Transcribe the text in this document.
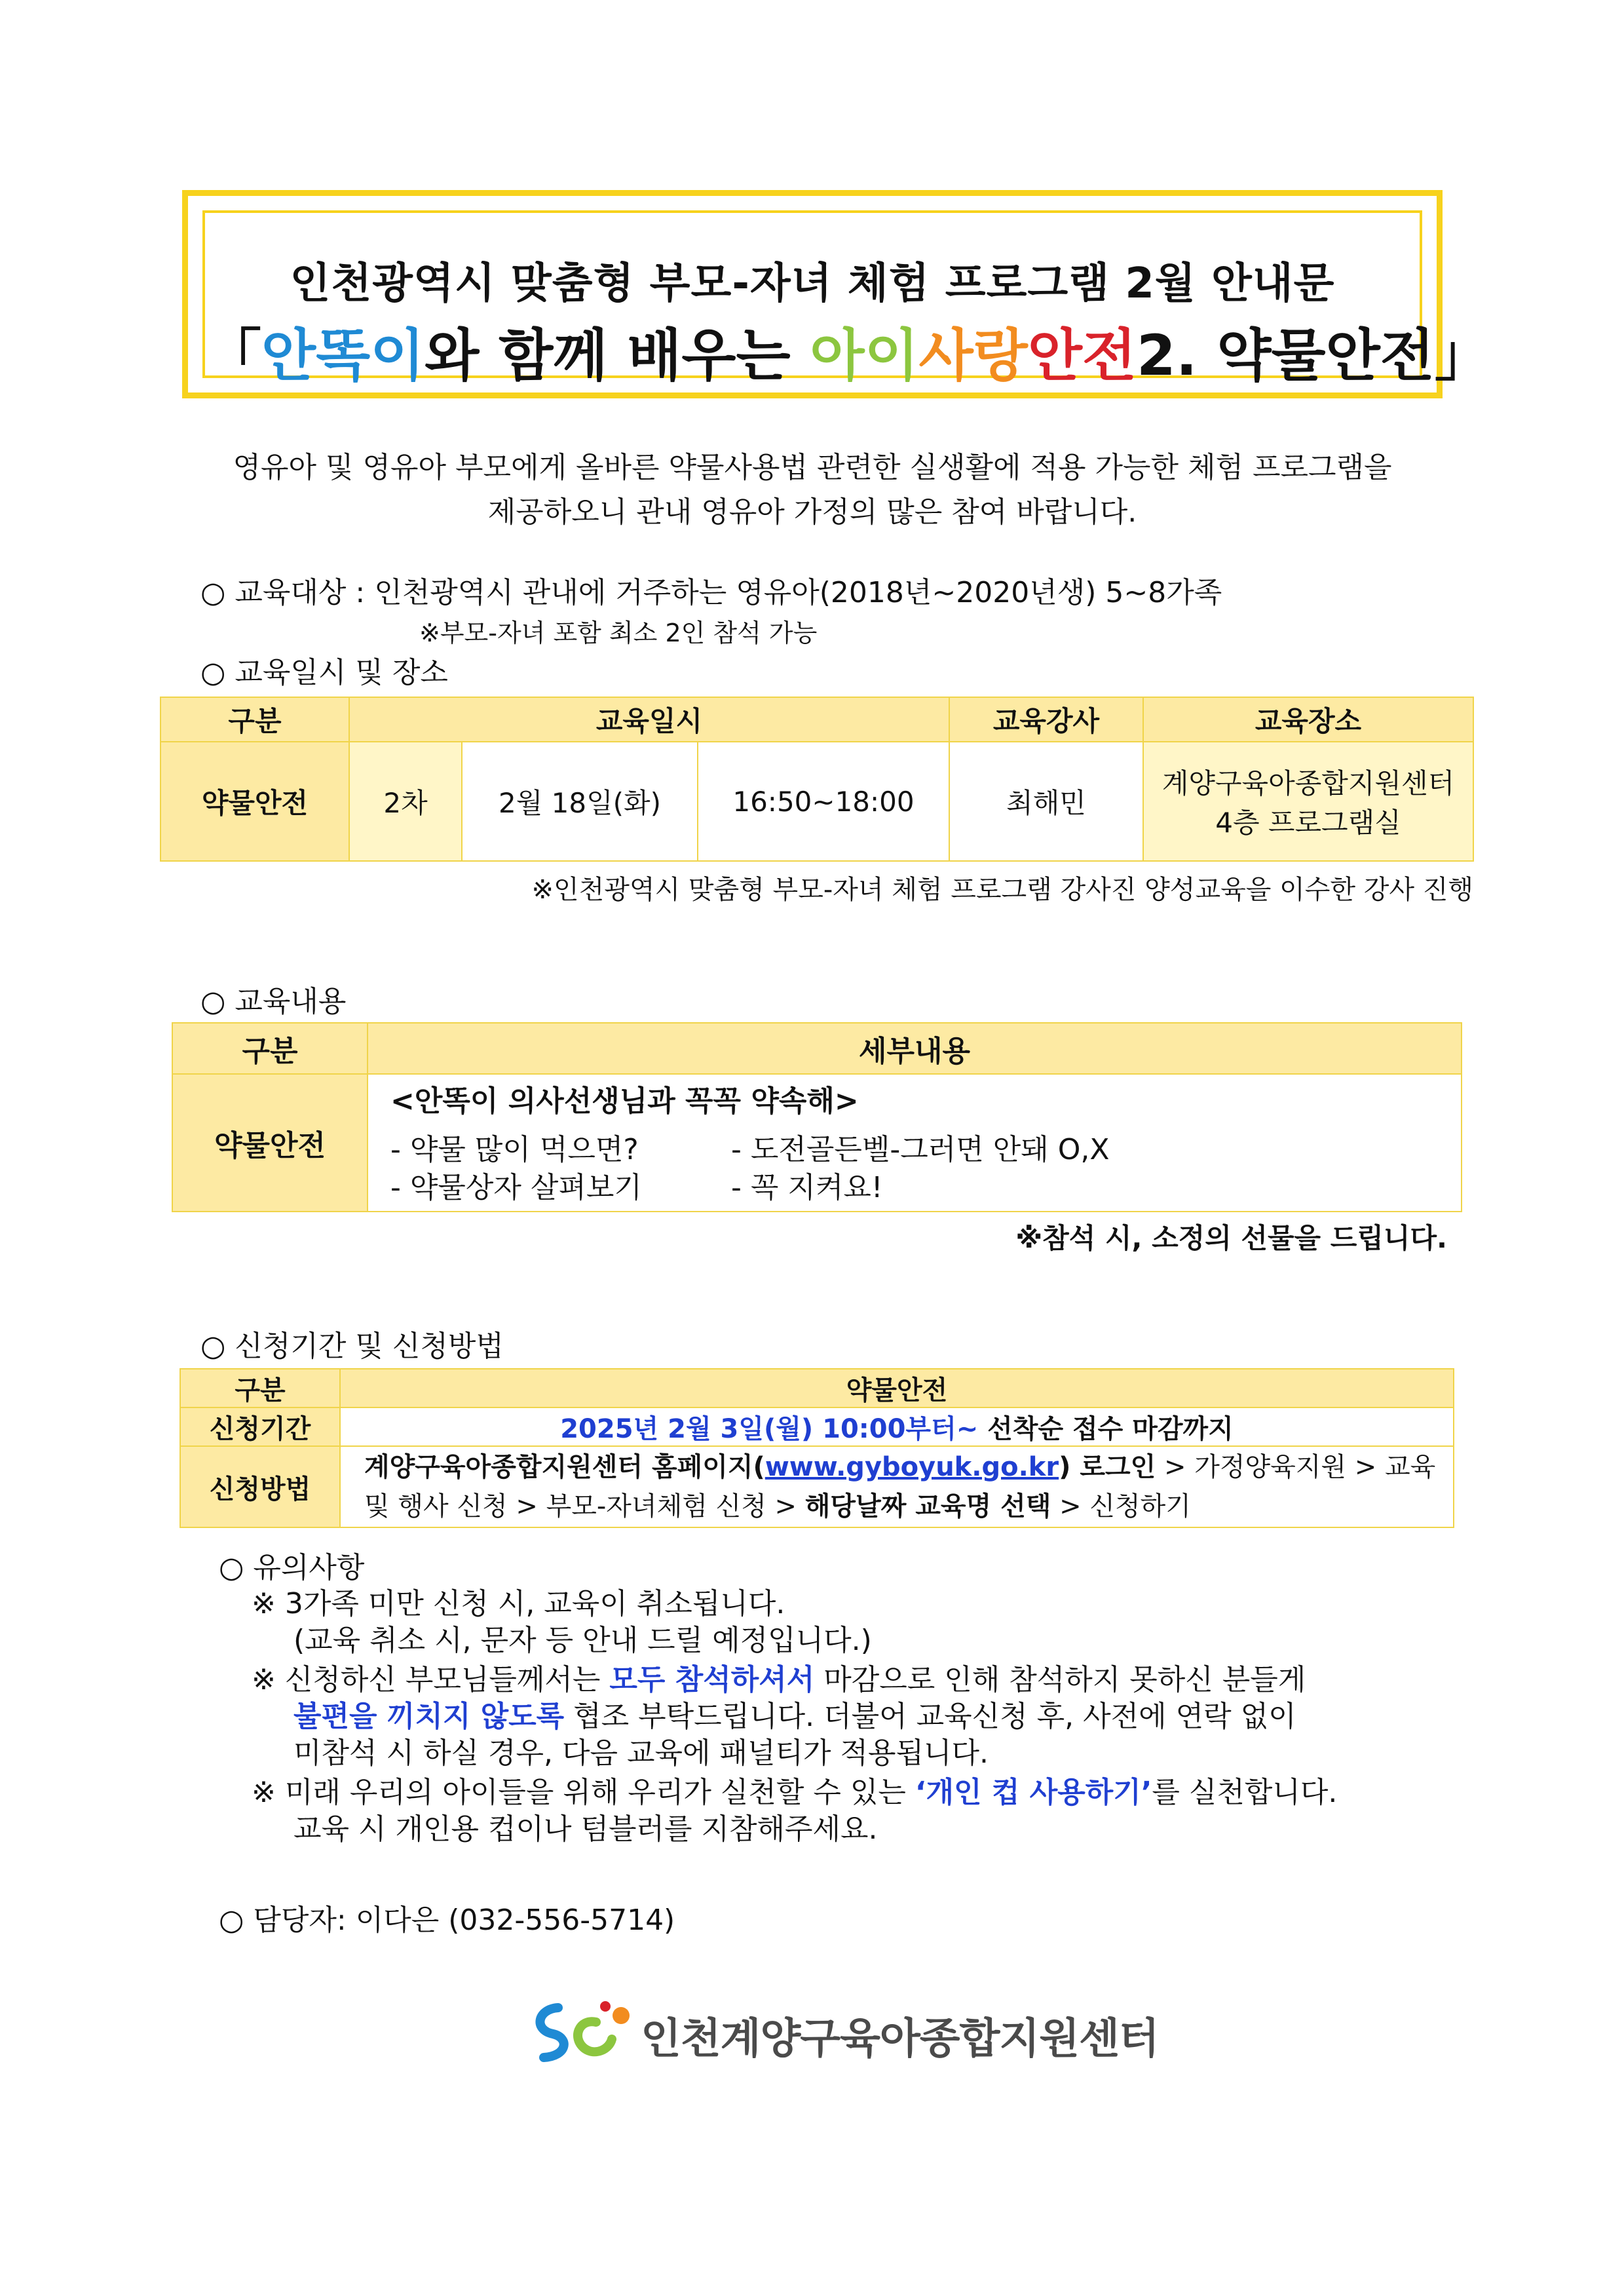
인천광역시 맞춤형 부모-자녀 체험 프로그램 2월 안내문
「안똑이와 함께 배우는 아이사랑안전2. 약물안전」
영유아 및 영유아 부모에게 올바른 약물사용법 관련한 실생활에 적용 가능한 체험 프로그램을
제공하오니 관내 영유아 가정의 많은 참여 바랍니다.
○ 교육대상 : 인천광역시 관내에 거주하는 영유아(2018년~2020년생) 5~8가족
※부모-자녀 포함 최소 2인 참석 가능
○ 교육일시 및 장소
구분	교육일시			교육강사	교육장소
약물안전	2차	2월 18일(화)	16:50~18:00	최해민	계양구육아종합지원센터
4층 프로그램실
※인천광역시 맞춤형 부모-자녀 체험 프로그램 강사진 양성교육을 이수한 강사 진행
○ 교육내용
구분	세부내용
약물안전	<안똑이 의사선생님과 꼭꼭 약속해>
- 약물 많이 먹으면? - 도전골든벨-그러면 안돼 O,X
- 약물상자 살펴보기 - 꼭 지켜요!
※참석 시, 소정의 선물을 드립니다.
○ 신청기간 및 신청방법
구분	약물안전
신청기간	2025년 2월 3일(월) 10:00부터~ 선착순 접수 마감까지
신청방법	계양구육아종합지원센터 홈페이지(www.gyboyuk.go.kr) 로그인 > 가정양육지원 > 교육
및 행사 신청 > 부모-자녀체험 신청 > 해당날짜 교육명 선택 > 신청하기
○ 유의사항
※ 3가족 미만 신청 시, 교육이 취소됩니다.
(교육 취소 시, 문자 등 안내 드릴 예정입니다.)
※ 신청하신 부모님들께서는 모두 참석하셔서 마감으로 인해 참석하지 못하신 분들게
불편을 끼치지 않도록 협조 부탁드립니다. 더불어 교육신청 후, 사전에 연락 없이
미참석 시 하실 경우, 다음 교육에 패널티가 적용됩니다.
※ 미래 우리의 아이들을 위해 우리가 실천할 수 있는 ‘개인 컵 사용하기’를 실천합니다.
교육 시 개인용 컵이나 텀블러를 지참해주세요.
○ 담당자: 이다은 (032-556-5714)
인천계양구육아종합지원센터
